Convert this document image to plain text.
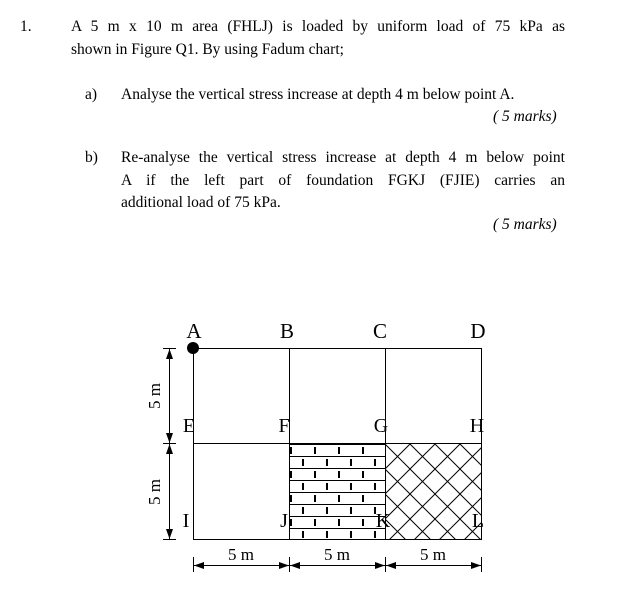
1.	A 5 m x 10 m area (FHLJ) is loaded by uniform load of 75 kPa as
shown in Figure Q1. By using Fadum chart;
a) Analyse the vertical stress increase at depth 4 m below point A.
( 5 marks)
b) Re-analyse the vertical stress increase at depth 4 m below point
A if the left part of foundation FGKJ (FJIE) carries an
additional load of 75 kPa.
( 5 marks)
A	B	C	D
E	F	G	H
I	J	K	L
5 m
5 m
5 m	5 m	5 m
